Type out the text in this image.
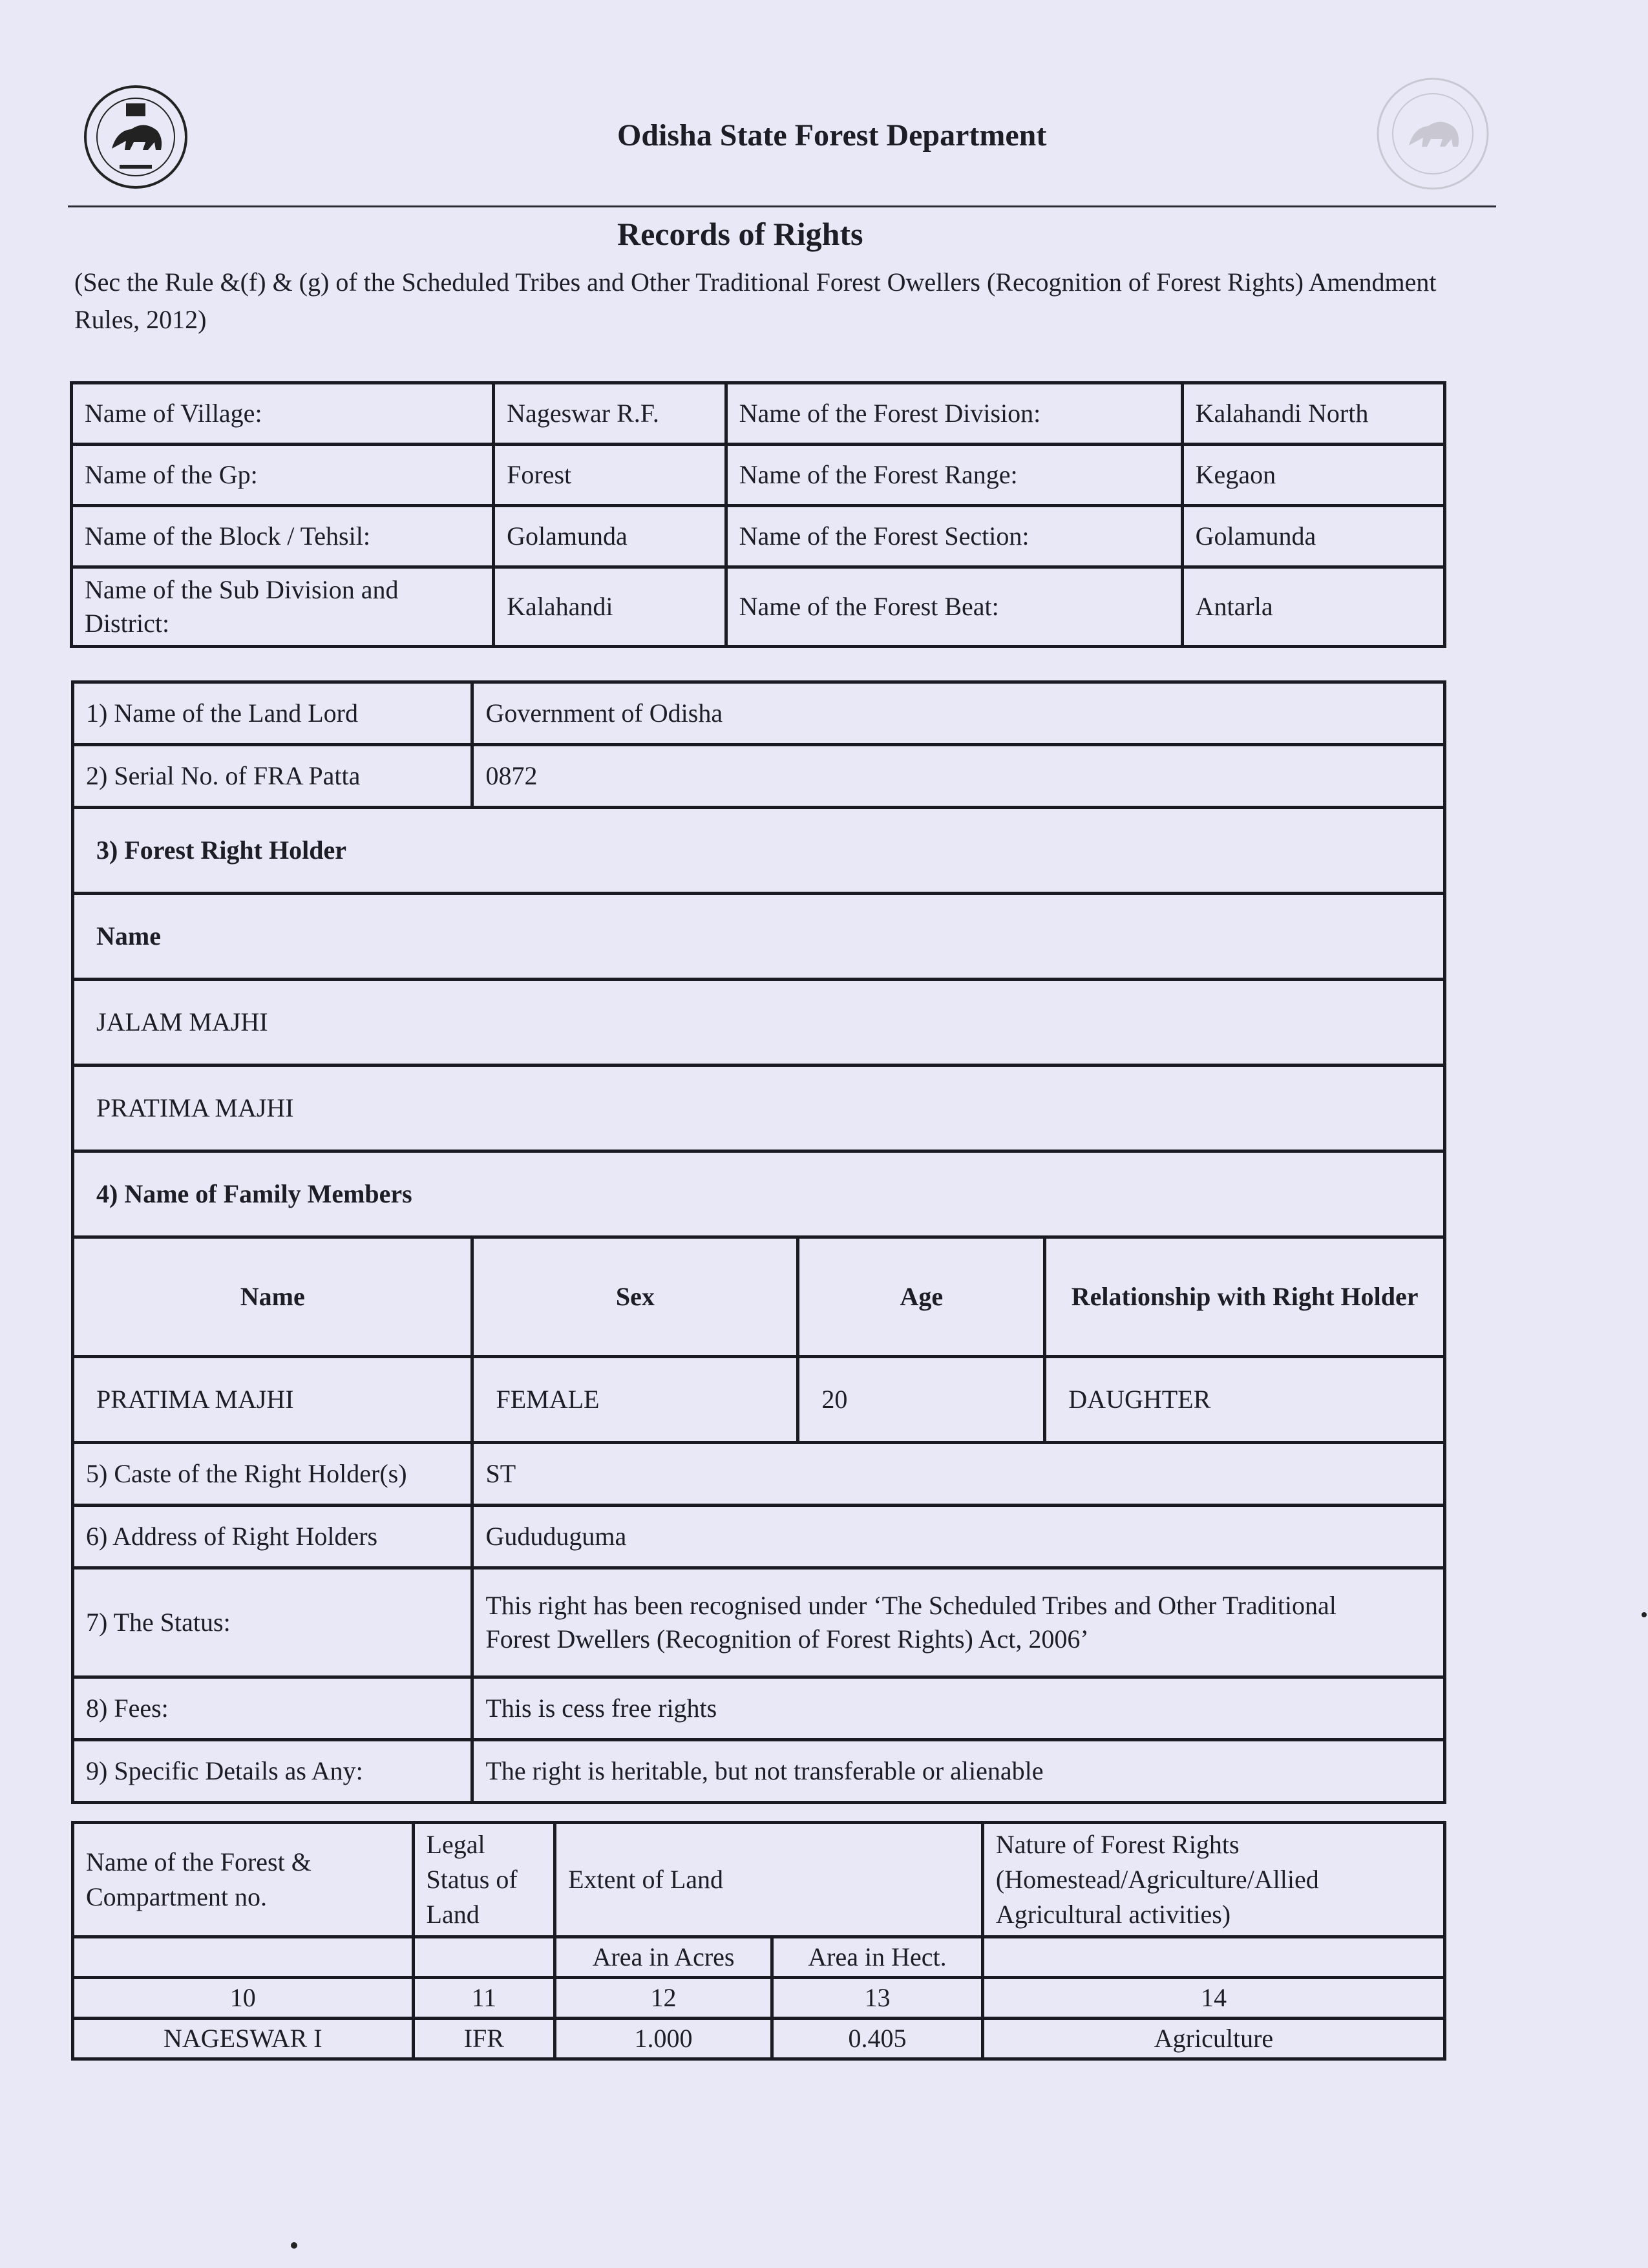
Odisha State Forest Department
Records of Rights
(Sec the Rule &(f) & (g) of the Scheduled Tribes and Other Traditional Forest Owellers (Recognition of Forest Rights) Amendment Rules, 2012)
Name of Village:	Nageswar R.F.	Name of the Forest Division:	Kalahandi North
Name of the Gp:	Forest	Name of the Forest Range:	Kegaon
Name of the Block / Tehsil:	Golamunda	Name of the Forest Section:	Golamunda
Name of the Sub Division and District:	Kalahandi	Name of the Forest Beat:	Antarla
1) Name of the Land Lord	Government of Odisha		
2) Serial No. of FRA Patta	0872		
3) Forest Right Holder			
Name			
JALAM MAJHI			
PRATIMA MAJHI			
4) Name of Family Members			
Name	Sex	Age	Relationship with Right Holder
PRATIMA MAJHI	FEMALE	20	DAUGHTER
5) Caste of the Right Holder(s)	ST		
6) Address of Right Holders	Gududuguma		
7) The Status:	This right has been recognised under ‘The Scheduled Tribes and Other Traditional
Forest Dwellers (Recognition of Forest Rights) Act, 2006’		

8) Fees:	This is cess free rights		
9) Specific Details as Any:	The right is heritable, but not transferable or alienable		
Name of the Forest & Compartment no.	Legal Status of Land	Extent of Land		Nature of Forest Rights (Homestead/Agriculture/Allied Agricultural activities)
		Area in Acres	Area in Hect.	
10	11	12	13	14
NAGESWAR I	IFR	1.000	0.405	Agriculture
